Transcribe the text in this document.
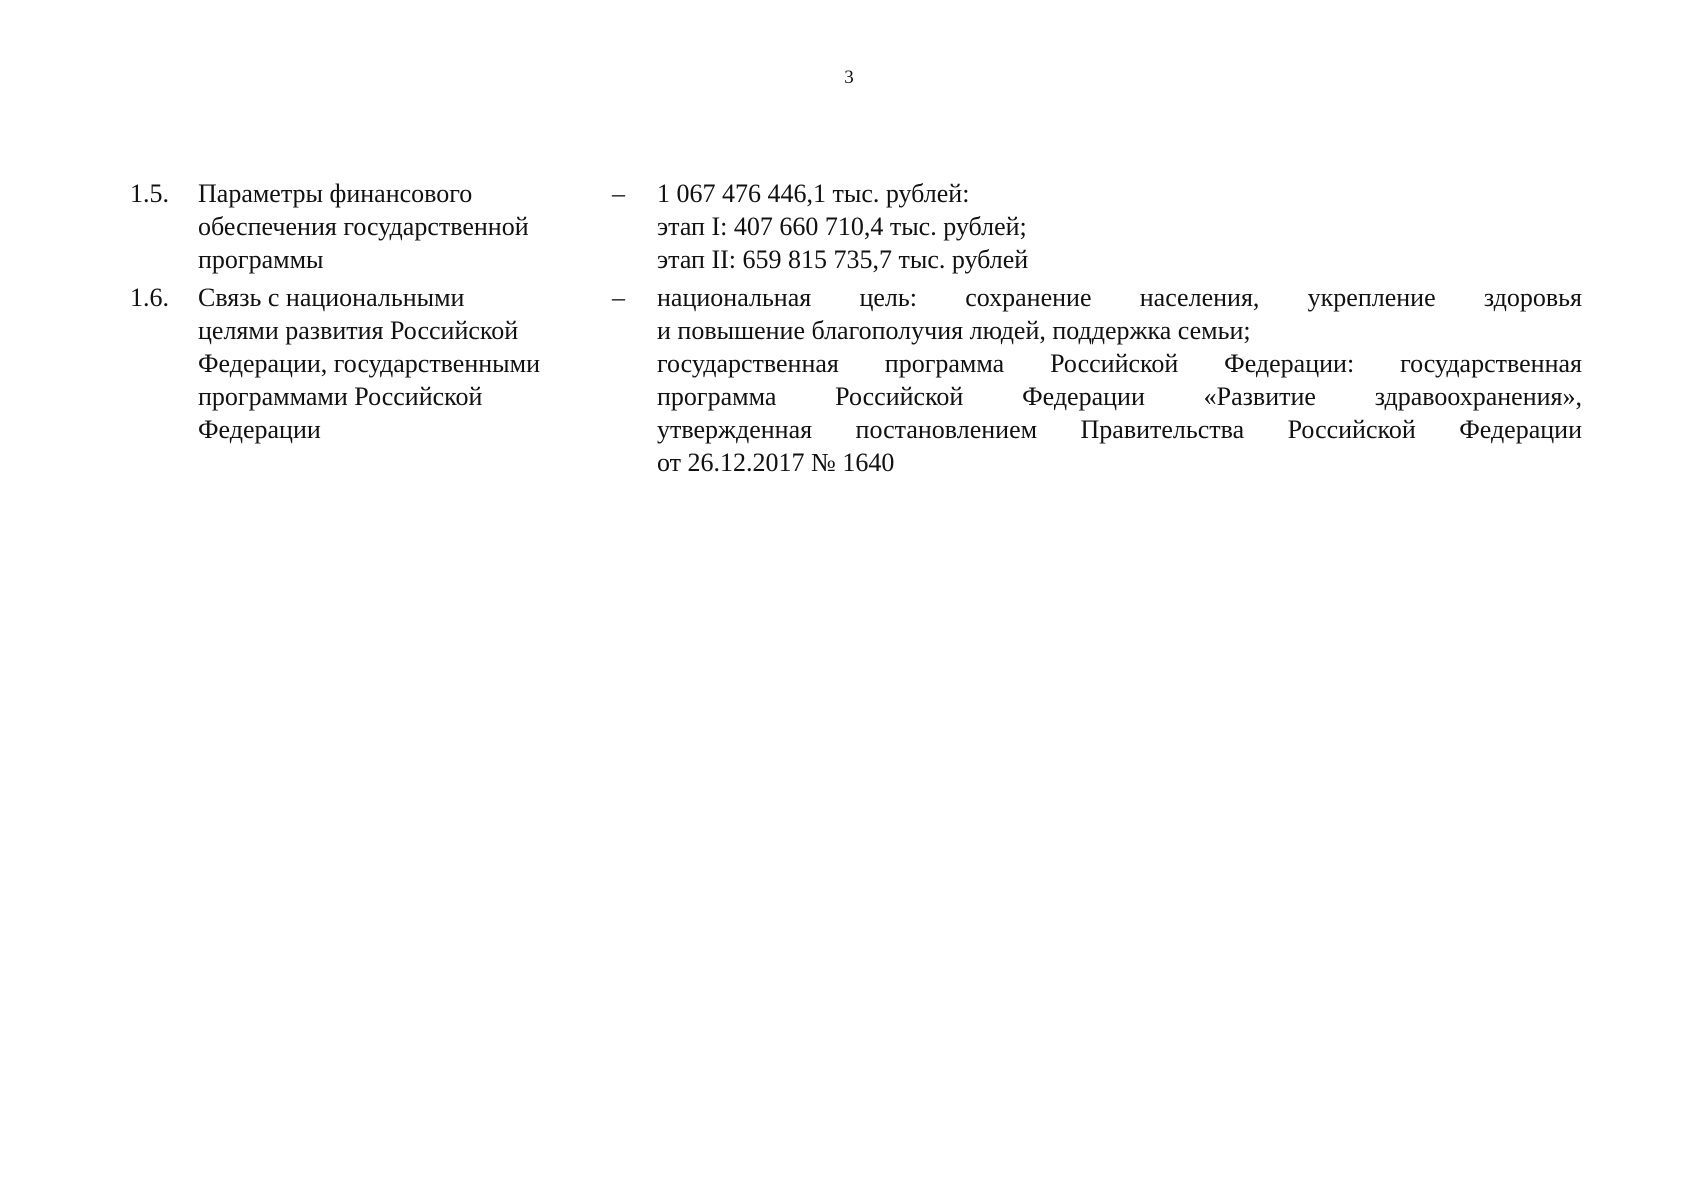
3
1.5. Параметры финансового
обеспечения государственной
программы
– 1 067 476 446,1 тыс. рублей:
этап I: 407 660 710,4 тыс. рублей;
этап II: 659 815 735,7 тыс. рублей
1.6. Связь с национальными
целями развития Российской
Федерации, государственными
программами Российской
Федерации
– национальная цель: сохранение населения, укрепление здоровья
и повышение благополучия людей, поддержка семьи;
государственная программа Российской Федерации: государственная
программа Российской Федерации «Развитие здравоохранения»,
утвержденная постановлением Правительства Российской Федерации
от 26.12.2017 № 1640
